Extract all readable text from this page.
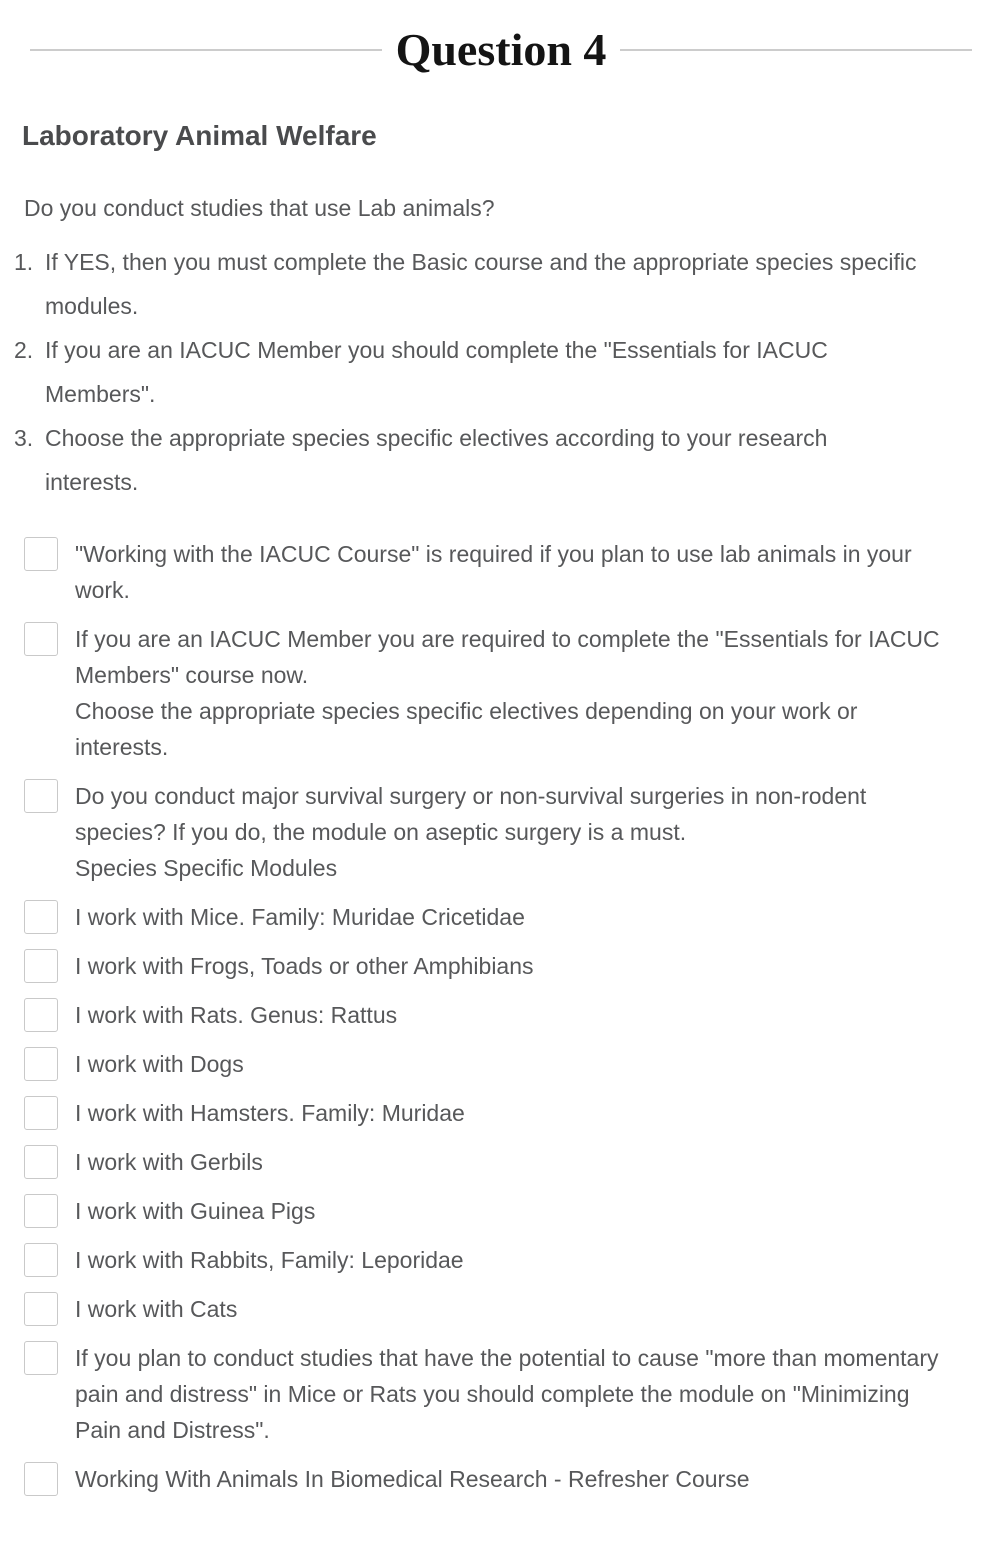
Question 4
Laboratory Animal Welfare

Do you conduct studies that use Lab animals?

1. If YES, then you must complete the Basic course and the appropriate species specific modules.
2. If you are an IACUC Member you should complete the "Essentials for IACUC Members".
3. Choose the appropriate species specific electives according to your research interests.
"Working with the IACUC Course" is required if you plan to use lab animals in your work.
If you are an IACUC Member you are required to complete the "Essentials for IACUC Members" course now.
Choose the appropriate species specific electives depending on your work or interests.
Do you conduct major survival surgery or non-survival surgeries in non-rodent species? If you do, the module on aseptic surgery is a must.
Species Specific Modules
I work with Mice. Family: Muridae Cricetidae
I work with Frogs, Toads or other Amphibians
I work with Rats. Genus: Rattus
I work with Dogs
I work with Hamsters. Family: Muridae
I work with Gerbils
I work with Guinea Pigs
I work with Rabbits, Family: Leporidae
I work with Cats
If you plan to conduct studies that have the potential to cause "more than momentary pain and distress" in Mice or Rats you should complete the module on "Minimizing Pain and Distress".
Working With Animals In Biomedical Research - Refresher Course
